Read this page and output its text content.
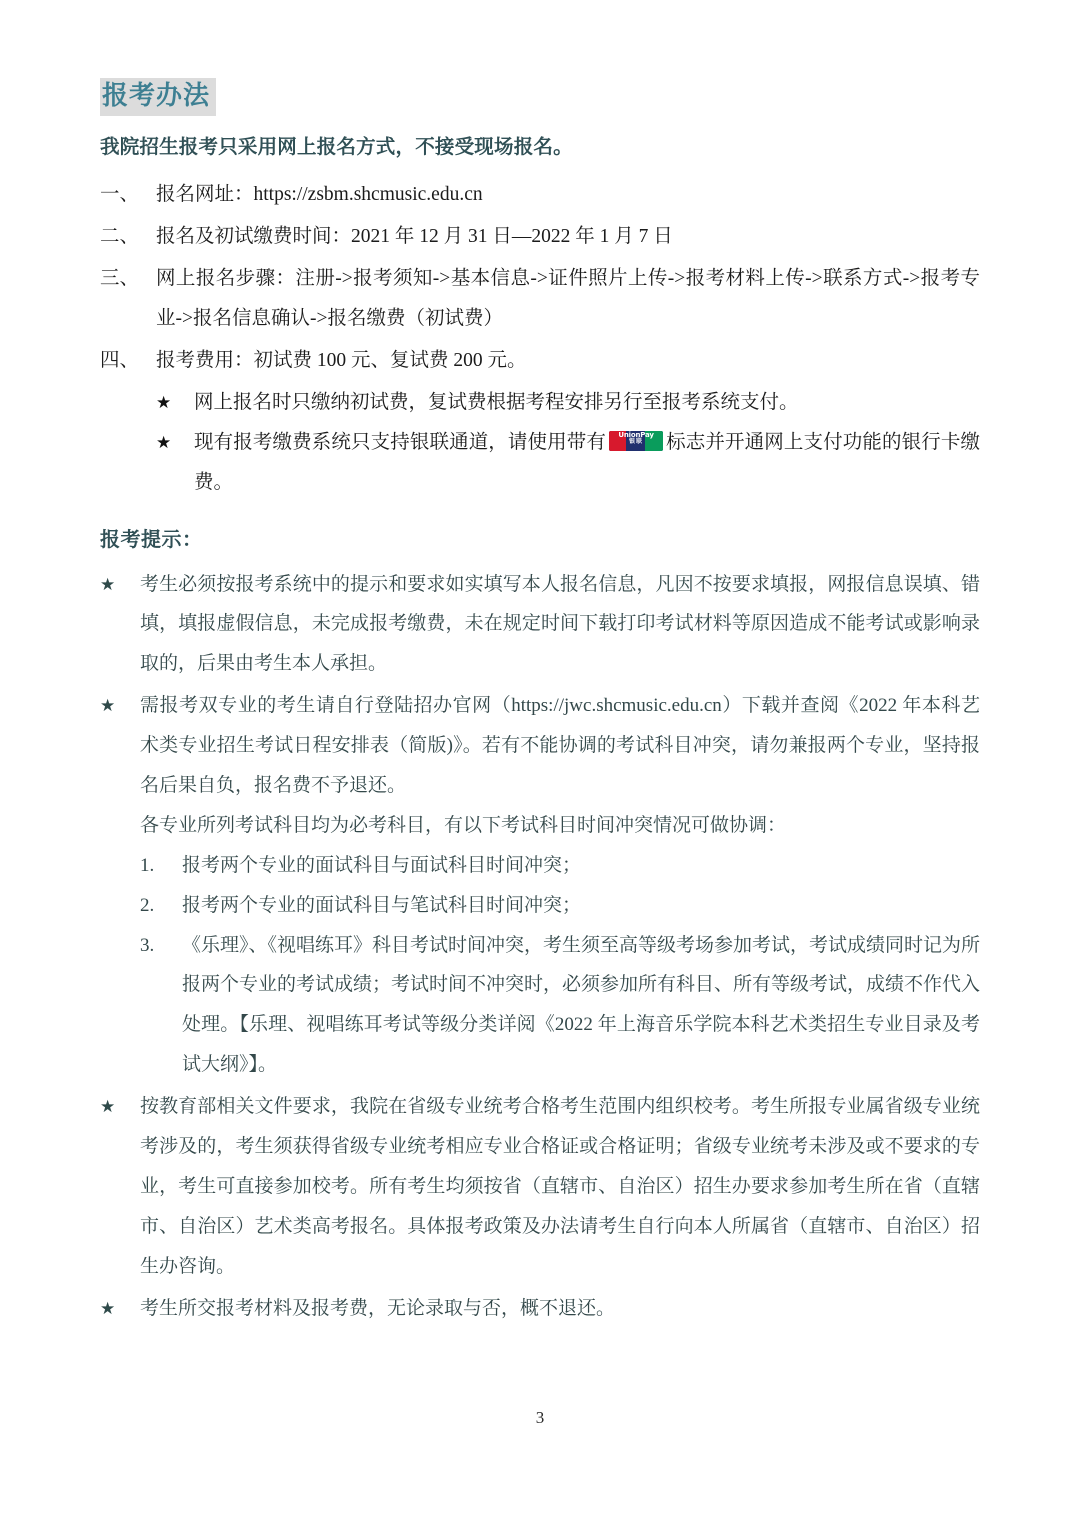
报考办法

我院招生报考只采用网上报名方式，不接受现场报名。

一、 报名网址：https://zsbm.shcmusic.edu.cn
二、 报名及初试缴费时间：2021 年 12 月 31 日—2022 年 1 月 7 日
三、 网上报名步骤：注册->报考须知->基本信息->证件照片上传->报考材料上传->联系方式->报考专业->报名信息确认->报名缴费（初试费）
四、 报考费用：初试费 100 元、复试费 200 元。
★	网上报名时只缴纳初试费，复试费根据考程安排另行至报考系统支付。
★	现有报考缴费系统只支持银联通道，请使用带有	UnionPay
银联	标志并开通网上支付功能的银行卡缴费。
报考提示：
★	考生必须按报考系统中的提示和要求如实填写本人报名信息，凡因不按要求填报，网报信息误填、错填，填报虚假信息，未完成报考缴费，未在规定时间下载打印考试材料等原因造成不能考试或影响录取的，后果由考生本人承担。

★	需报考双专业的考生请自行登陆招办官网（https://jwc.shcmusic.edu.cn）下载并查阅《2022 年本科艺术类专业招生考试日程安排表（简版)》。若有不能协调的考试科目冲突，请勿兼报两个专业，坚持报名后果自负，报名费不予退还。

各专业所列考试科目均为必考科目，有以下考试科目时间冲突情况可做协调：

1.	报考两个专业的面试科目与面试科目时间冲突；
2.	报考两个专业的面试科目与笔试科目时间冲突；
3.	《乐理》、《视唱练耳》科目考试时间冲突，考生须至高等级考场参加考试，考试成绩同时记为所报两个专业的考试成绩；考试时间不冲突时，必须参加所有科目、所有等级考试，成绩不作代入处理。【乐理、视唱练耳考试等级分类详阅《2022 年上海音乐学院本科艺术类招生专业目录及考试大纲》】。
★	按教育部相关文件要求，我院在省级专业统考合格考生范围内组织校考。考生所报专业属省级专业统考涉及的，考生须获得省级专业统考相应专业合格证或合格证明；省级专业统考未涉及或不要求的专业，考生可直接参加校考。所有考生均须按省（直辖市、自治区）招生办要求参加考生所在省（直辖市、自治区）艺术类高考报名。具体报考政策及办法请考生自行向本人所属省（直辖市、自治区）招生办咨询。

★	考生所交报考材料及报考费，无论录取与否，概不退还。

3
